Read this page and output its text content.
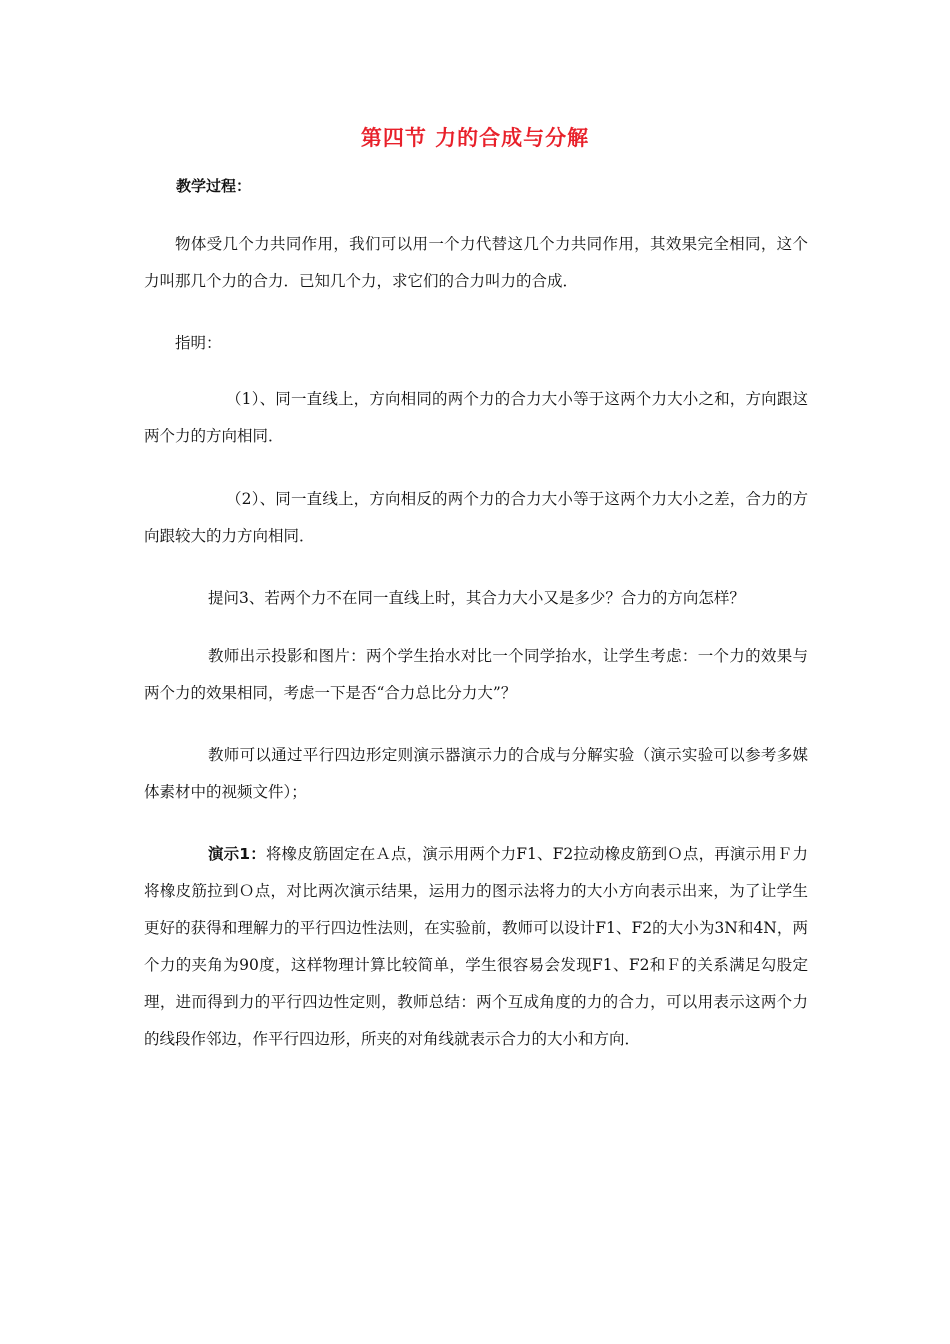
第四节 力的合成与分解
教学过程：
物体受几个力共同作用，我们可以用一个力代替这几个力共同作用，其效果完全相同，这个力叫那几个力的合力．已知几个力，求它们的合力叫力的合成．
指明：
（1）、同一直线上，方向相同的两个力的合力大小等于这两个力大小之和，方向跟这两个力的方向相同．
（2）、同一直线上，方向相反的两个力的合力大小等于这两个力大小之差，合力的方向跟较大的力方向相同．
提问3、若两个力不在同一直线上时，其合力大小又是多少？合力的方向怎样？
教师出示投影和图片：两个学生抬水对比一个同学抬水，让学生考虑：一个力的效果与两个力的效果相同，考虑一下是否“合力总比分力大”？
教师可以通过平行四边形定则演示器演示力的合成与分解实验（演示实验可以参考多媒体素材中的视频文件）；
演示1：将橡皮筋固定在Ａ点，演示用两个力F1、F2拉动橡皮筋到Ｏ点，再演示用Ｆ力将橡皮筋拉到Ｏ点，对比两次演示结果，运用力的图示法将力的大小方向表示出来，为了让学生更好的获得和理解力的平行四边性法则，在实验前，教师可以设计F1、F2的大小为3N和4N，两个力的夹角为90度，这样物理计算比较简单，学生很容易会发现F1、F2和Ｆ的关系满足勾股定理，进而得到力的平行四边性定则，教师总结：两个互成角度的力的合力，可以用表示这两个力的线段作邻边，作平行四边形，所夹的对角线就表示合力的大小和方向．
